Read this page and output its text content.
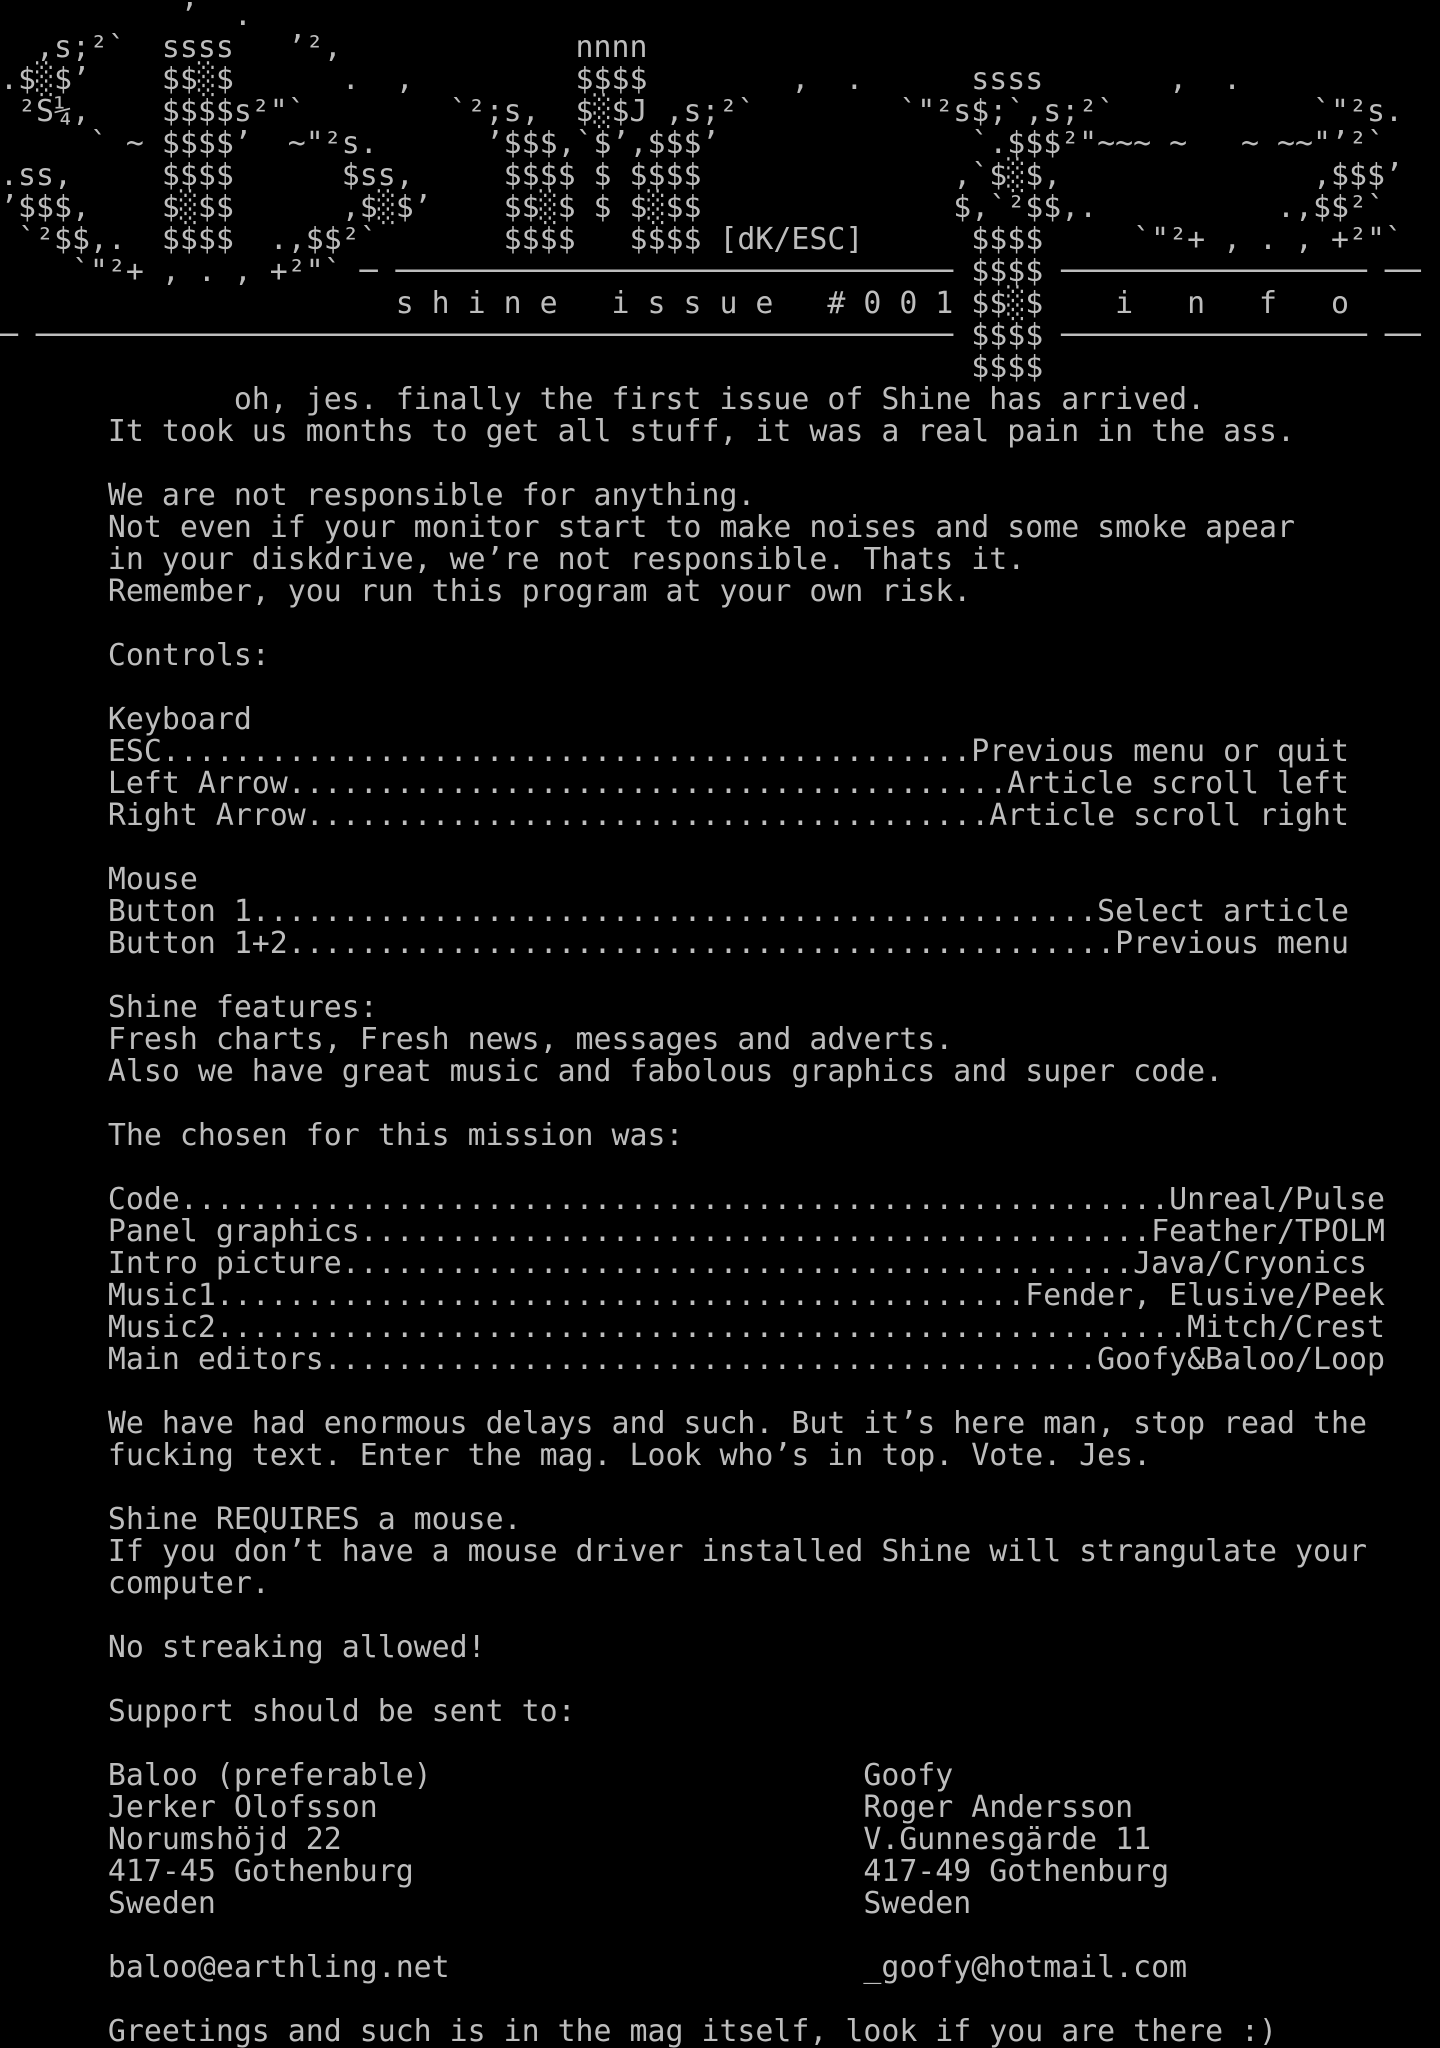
’  .
,s;²`  ssss   ’²,             nnnn
.$░$’    $$░$      .  ,         $$$$        ,  .      ssss       ,  .
²S¼,    $$$$s²"`        `²;s,  $░$J ,s;²`        `"²s$;`,s;²`           `"²s.
` ~ $$$$’  ~"²s.      ’$$$,`$’,$$$’              `.$$$²"~~~ ~   ~ ~~"’²`
.ss,     $$$$      $ss,     $$$$ $ $$$$              ,`$░$,              ,$$$’
’$$$,    $░$$      ,$░$’    $$░$ $ $░$$              $,`²$$,.          .,$$²`
`²$$,.  $$$$  .,$$²`       $$$$   $$$$ [dK/ESC]      $$$$     `"²+ , . , +²"`
`"²+ , . , +²"` ─ ─────────────────────────────── $$$$ ───────────────── ──
s h i n e   i s s u e   # 0 0 1 $$░$    i   n   f   o
─ ─────────────────────────────────────────────────── $$$$ ───────────────── ──
$$$$
oh, jes. finally the first issue of Shine has arrived.
It took us months to get all stuff, it was a real pain in the ass.
We are not responsible for anything.
Not even if your monitor start to make noises and some smoke apear
in your diskdrive, we’re not responsible. Thats it.
Remember, you run this program at your own risk.
Controls:
Keyboard
ESC.............................................Previous menu or quit
Left Arrow........................................Article scroll left
Right Arrow......................................Article scroll right
Mouse
Button 1...............................................Select article
Button 1+2..............................................Previous menu
Shine features:
Fresh charts, Fresh news, messages and adverts.
Also we have great music and fabolous graphics and super code.
The chosen for this mission was:
Code.......................................................Unreal/Pulse
Panel graphics............................................Feather/TPOLM
Intro picture............................................Java/Cryonics
Music1.............................................Fender, Elusive/Peek
Music2......................................................Mitch/Crest
Main editors...........................................Goofy&Baloo/Loop
We have had enormous delays and such. But it’s here man, stop read the
fucking text. Enter the mag. Look who’s in top. Vote. Jes.
Shine REQUIRES a mouse.
If you don’t have a mouse driver installed Shine will strangulate your
computer.
No streaking allowed!
Support should be sent to:
Baloo (preferable)                        Goofy
Jerker Olofsson                           Roger Andersson
Norumshöjd 22                             V.Gunnesgärde 11
417-45 Gothenburg                         417-49 Gothenburg
Sweden                                    Sweden
baloo@earthling.net                       _goofy@hotmail.com
Greetings and such is in the mag itself, look if you are there :)
